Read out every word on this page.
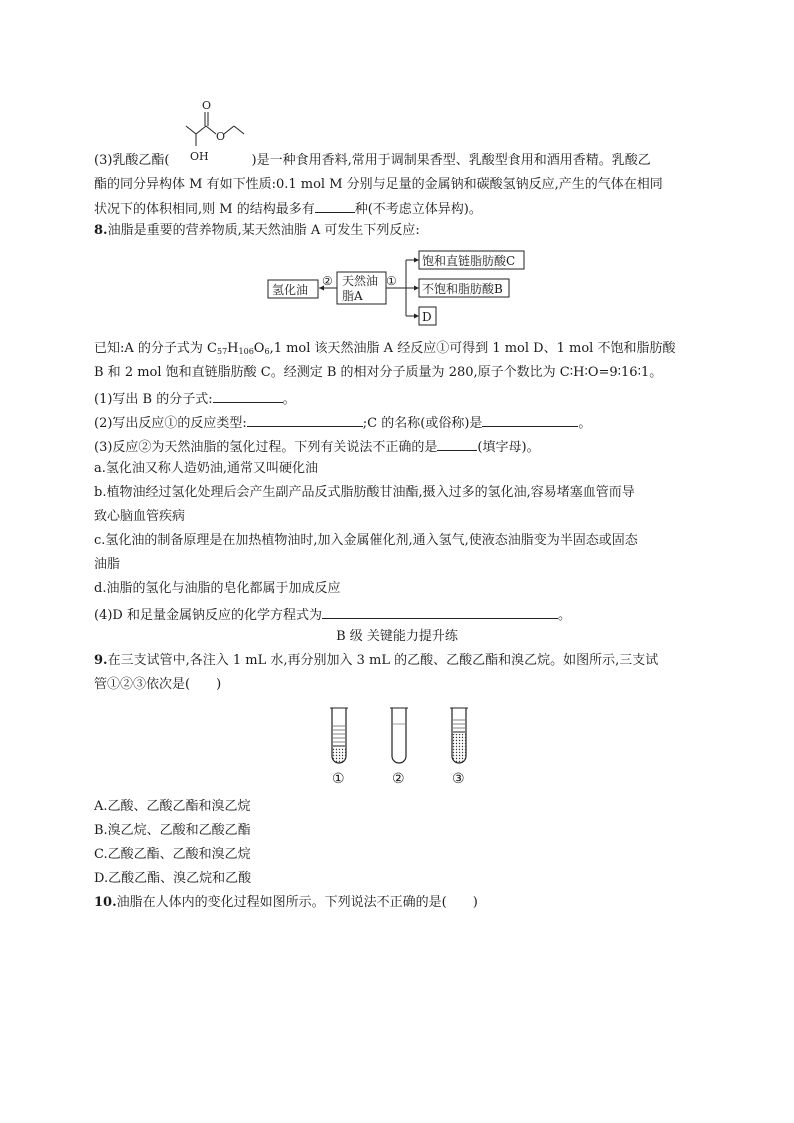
O
O
OH
(3)乳酸乙酯(	)是一种食用香料,常用于调制果香型、乳酸型食用和酒用香精。乳酸乙
酯的同分异构体 M 有如下性质:0.1 mol M 分别与足量的金属钠和碳酸氢钠反应,产生的气体在相同
状况下的体积相同,则 M 的结构最多有	种(不考虑立体异构)。
8.油脂是重要的营养物质,某天然油脂 A 可发生下列反应:
氢化油
② 天然油
脂A
①
饱和直链脂肪酸C
不饱和脂肪酸B
D
已知:A 的分子式为 $C_{57}H_{106}O_6,1$ mol 该天然油脂 A 经反应①可得到 1 mol D、1 mol 不饱和脂肪酸
B 和 2 mol 饱和直链脂肪酸 C。经测定 B 的相对分子质量为 280,原子个数比为 C∶H∶O=9∶16∶1。
(1)写出 B 的分子式:	。
(2)写出反应①的反应类型:	;C 的名称(或俗称)是	。
(3)反应②为天然油脂的氢化过程。下列有关说法不正确的是	(填字母)。
a.氢化油又称人造奶油,通常又叫硬化油
b.植物油经过氢化处理后会产生副产品反式脂肪酸甘油酯,摄入过多的氢化油,容易堵塞血管而导
致心脑血管疾病
c.氢化油的制备原理是在加热植物油时,加入金属催化剂,通入氢气,使液态油脂变为半固态或固态
油脂
d.油脂的氢化与油脂的皂化都属于加成反应
(4)D 和足量金属钠反应的化学方程式为	。
B 级 关键能力提升练
9.在三支试管中,各注入 1 mL 水,再分别加入 3 mL 的乙酸、乙酸乙酯和溴乙烷。如图所示,三支试
管①②③依次是(　　)
①	②	③
A.乙酸、乙酸乙酯和溴乙烷
B.溴乙烷、乙酸和乙酸乙酯
C.乙酸乙酯、乙酸和溴乙烷
D.乙酸乙酯、溴乙烷和乙酸
10.油脂在人体内的变化过程如图所示。下列说法不正确的是(　　)
